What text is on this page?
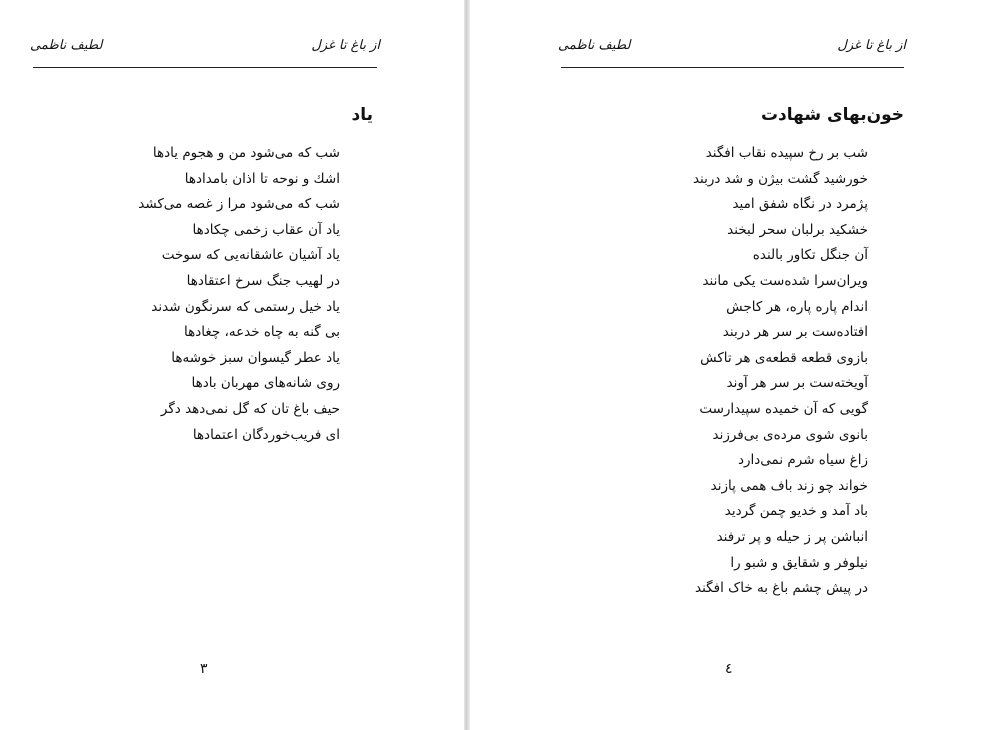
از باغ تا غزل
لطیف ناظمی
یاد
شب که می‌شود من و هجوم یادها
اشك و نوحه تا اذان بامدادها
شب که می‌شود مرا ز غصه می‌کشد
یاد آن عقاب زخمی چکادها
یاد آشیان عاشقانه‌یی که سوخت
در لهیب جنگ سرخ اعتقادها
یاد خیل رستمی که سرنگون شدند
بی گنه به چاه خدعه، چغادها
یاد عطر گیسوان سبز خوشه‌ها
روی شانه‌های مهربان بادها
حیف باغ تان که گل نمی‌دهد دگر
ای فریب‌خوردگان اعتمادها
۳
از باغ تا غزل
لطیف ناظمی
خون‌بهای شهادت
شب بر رخ سپیده نقاب افگند
خورشید گشت بیژن و شد دربند
پژمرد در نگاه شفق امید
خشکید برلبان سحر لبخند
آن جنگل تکاور بالنده
ویران‌سرا شده‌ست یکی مانند
اندام پاره پاره، هر کاجش
افتاده‌ست بر سر هر دربند
بازوی قطعه قطعه‌ی هر تاکش
آویخته‌ست بر سر هر آوند
گویی که آن خمیده سپیدارست
بانوی شوی مرده‌ی بی‌فرزند
زاغ سیاه شرم نمی‌دارد
خواند چو زند باف همی پازند
باد آمد و خدیو چمن گردید
انباشن پر ز حیله و پر ترفند
نیلوفر و شقایق و شبو را
در پیش چشم باغ به خاک افگند
٤
